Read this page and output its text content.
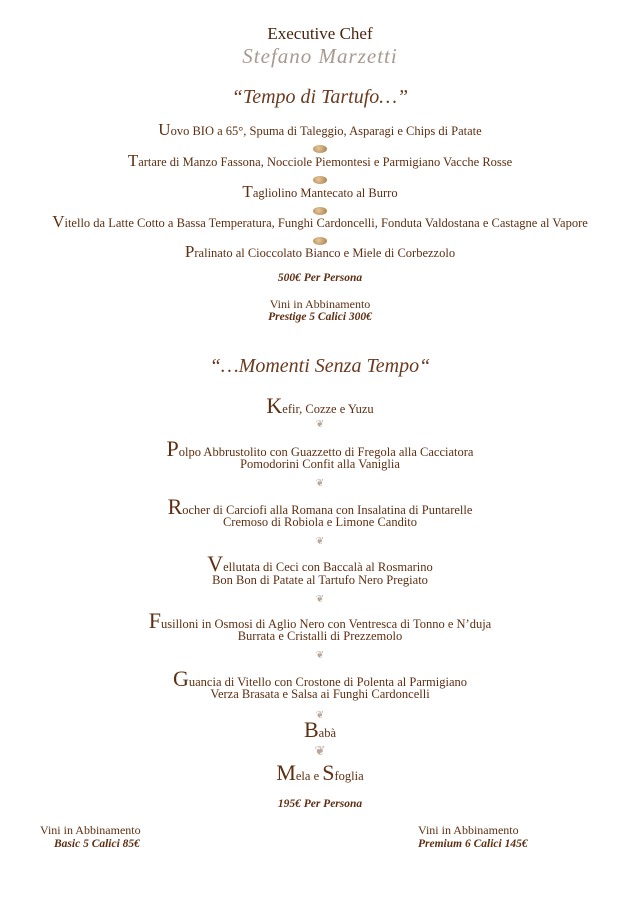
Executive Chef
Stefano Marzetti
“Tempo di Tartufo…”
Uovo BIO a 65°, Spuma di Taleggio, Asparagi e Chips di Patate
Tartare di Manzo Fassona, Nocciole Piemontesi e Parmigiano Vacche Rosse
Tagliolino Mantecato al Burro
Vitello da Latte Cotto a Bassa Temperatura, Funghi Cardoncelli, Fonduta Valdostana e Castagne al Vapore
Pralinato al Cioccolato Bianco e Miele di Corbezzolo
500€ Per Persona
Vini in Abbinamento
Prestige 5 Calici 300€
“…Momenti Senza Tempo“
Kefir, Cozze e Yuzu
❦
Polpo Abbrustolito con Guazzetto di Fregola alla Cacciatora
Pomodorini Confit alla Vaniglia
❦
Rocher di Carciofi alla Romana con Insalatina di Puntarelle
Cremoso di Robiola e Limone Candito
❦
Vellutata di Ceci con Baccalà al Rosmarino
Bon Bon di Patate al Tartufo Nero Pregiato
❦
Fusilloni in Osmosi di Aglio Nero con Ventresca di Tonno e N’duja
Burrata e Cristalli di Prezzemolo
❦
Guancia di Vitello con Crostone di Polenta al Parmigiano
Verza Brasata e Salsa ai Funghi Cardoncelli
❦
Babà
❦
Mela e Sfoglia
195€ Per Persona
Vini in Abbinamento
Basic 5 Calici 85€
Vini in Abbinamento
Premium 6 Calici 145€
